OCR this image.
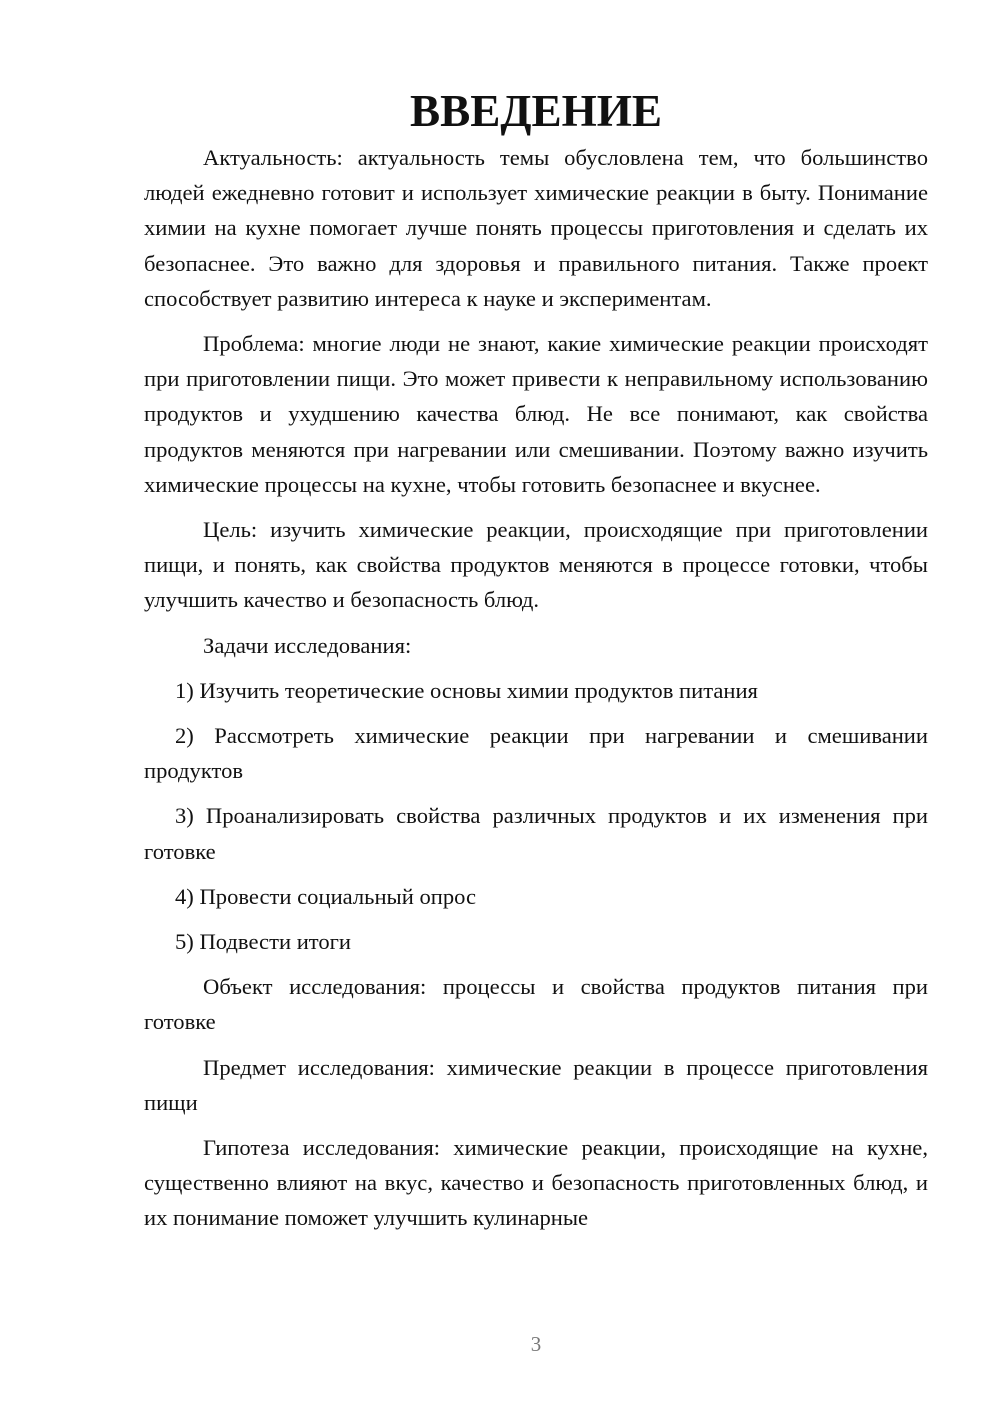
ВВЕДЕНИЕ

Актуальность: актуальность темы обусловлена тем, что большинство людей ежедневно готовит и использует химические реакции в быту. Понимание химии на кухне помогает лучше понять процессы приготовления и сделать их безопаснее. Это важно для здоровья и правильного питания. Также проект способствует развитию интереса к науке и экспериментам.

Проблема: многие люди не знают, какие химические реакции происходят при приготовлении пищи. Это может привести к неправильному использованию продуктов и ухудшению качества блюд. Не все понимают, как свойства продуктов меняются при нагревании или смешивании. Поэтому важно изучить химические процессы на кухне, чтобы готовить безопаснее и вкуснее.

Цель: изучить химические реакции, происходящие при приготовлении пищи, и понять, как свойства продуктов меняются в процессе готовки, чтобы улучшить качество и безопасность блюд.

Задачи исследования:

1) Изучить теоретические основы химии продуктов питания

2) Рассмотреть химические реакции при нагревании и смешивании продуктов

3) Проанализировать свойства различных продуктов и их изменения при готовке

4) Провести социальный опрос

5) Подвести итоги

Объект исследования: процессы и свойства продуктов питания при готовке

Предмет исследования: химические реакции в процессе приготовления пищи

Гипотеза исследования: химические реакции, происходящие на кухне, существенно влияют на вкус, качество и безопасность приготовленных блюд, и их понимание поможет улучшить кулинарные

3
